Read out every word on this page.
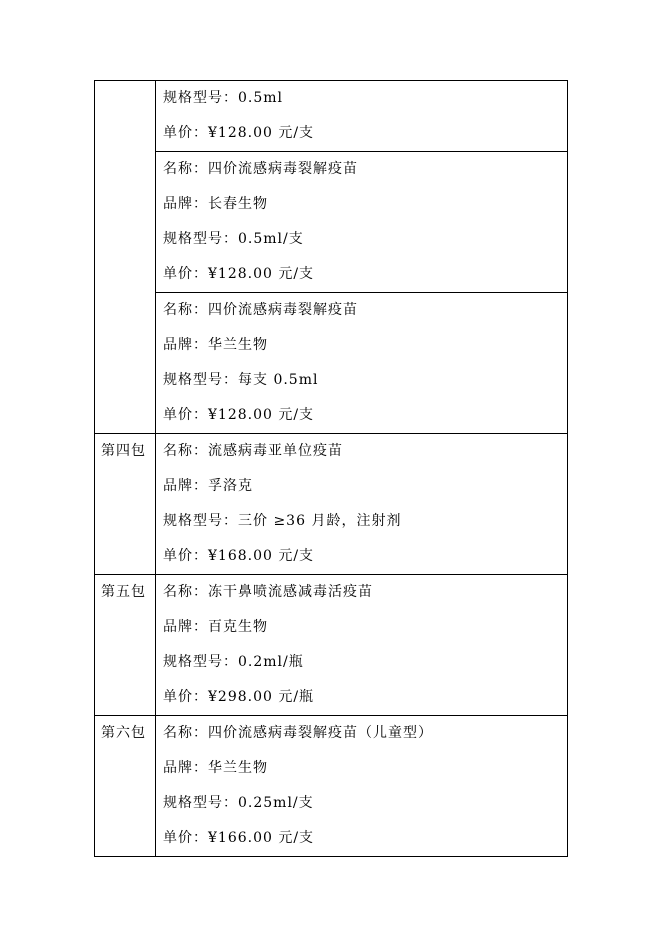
	规格型号：0.5ml
单价：¥128.00 元/支

	名称：四价流感病毒裂解疫苗
品牌：长春生物
规格型号：0.5ml/支
单价：¥128.00 元/支

	名称：四价流感病毒裂解疫苗
品牌：华兰生物
规格型号：每支 0.5ml
单价：¥128.00 元/支

第四包	名称：流感病毒亚单位疫苗
品牌：孚洛克
规格型号：三价 ≥36 月龄，注射剂
单价：¥168.00 元/支

第五包	名称：冻干鼻喷流感减毒活疫苗
品牌：百克生物
规格型号：0.2ml/瓶
单价：¥298.00 元/瓶

第六包	名称：四价流感病毒裂解疫苗（儿童型）
品牌：华兰生物
规格型号：0.25ml/支
单价：¥166.00 元/支
